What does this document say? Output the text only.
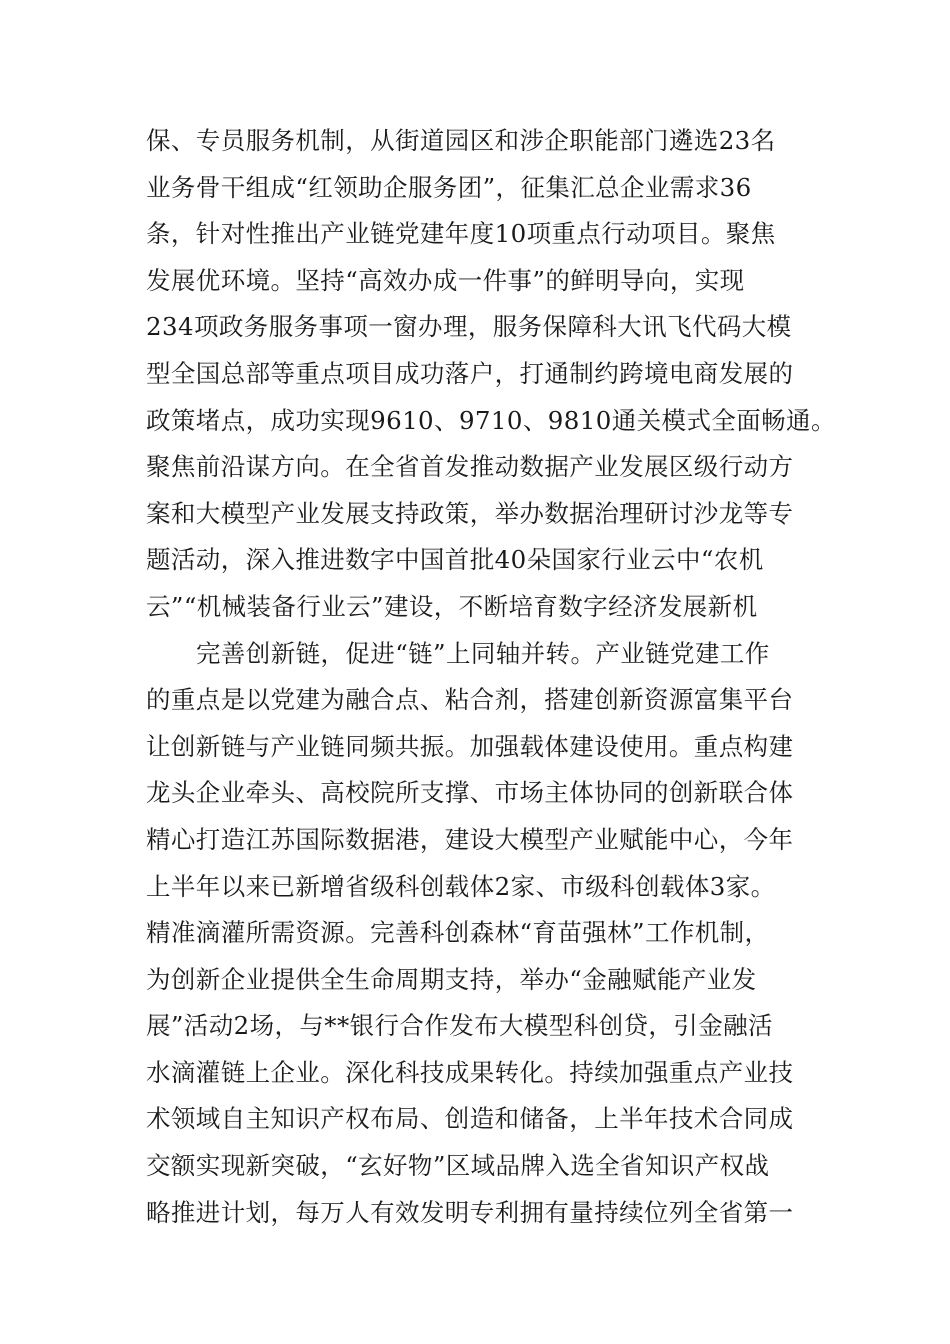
保、专员服务机制，从街道园区和涉企职能部门遴选23名
业务骨干组成“红领助企服务团”，征集汇总企业需求36
条，针对性推出产业链党建年度10项重点行动项目。聚焦
发展优环境。坚持“高效办成一件事”的鲜明导向，实现
234项政务服务事项一窗办理，服务保障科大讯飞代码大模
型全国总部等重点项目成功落户，打通制约跨境电商发展的
政策堵点，成功实现9610、9710、9810通关模式全面畅通。
聚焦前沿谋方向。在全省首发推动数据产业发展区级行动方
案和大模型产业发展支持政策，举办数据治理研讨沙龙等专
题活动，深入推进数字中国首批40朵国家行业云中“农机
云”“机械装备行业云”建设，不断培育数字经济发展新机
完善创新链，促进“链”上同轴并转。产业链党建工作
的重点是以党建为融合点、粘合剂，搭建创新资源富集平台
让创新链与产业链同频共振。加强载体建设使用。重点构建
龙头企业牵头、高校院所支撑、市场主体协同的创新联合体
精心打造江苏国际数据港，建设大模型产业赋能中心，今年
上半年以来已新增省级科创载体2家、市级科创载体3家。
精准滴灌所需资源。完善科创森林“育苗强林”工作机制，
为创新企业提供全生命周期支持，举办“金融赋能产业发
展”活动2场，与**银行合作发布大模型科创贷，引金融活
水滴灌链上企业。深化科技成果转化。持续加强重点产业技
术领域自主知识产权布局、创造和储备，上半年技术合同成
交额实现新突破，“玄好物”区域品牌入选全省知识产权战
略推进计划，每万人有效发明专利拥有量持续位列全省第一
